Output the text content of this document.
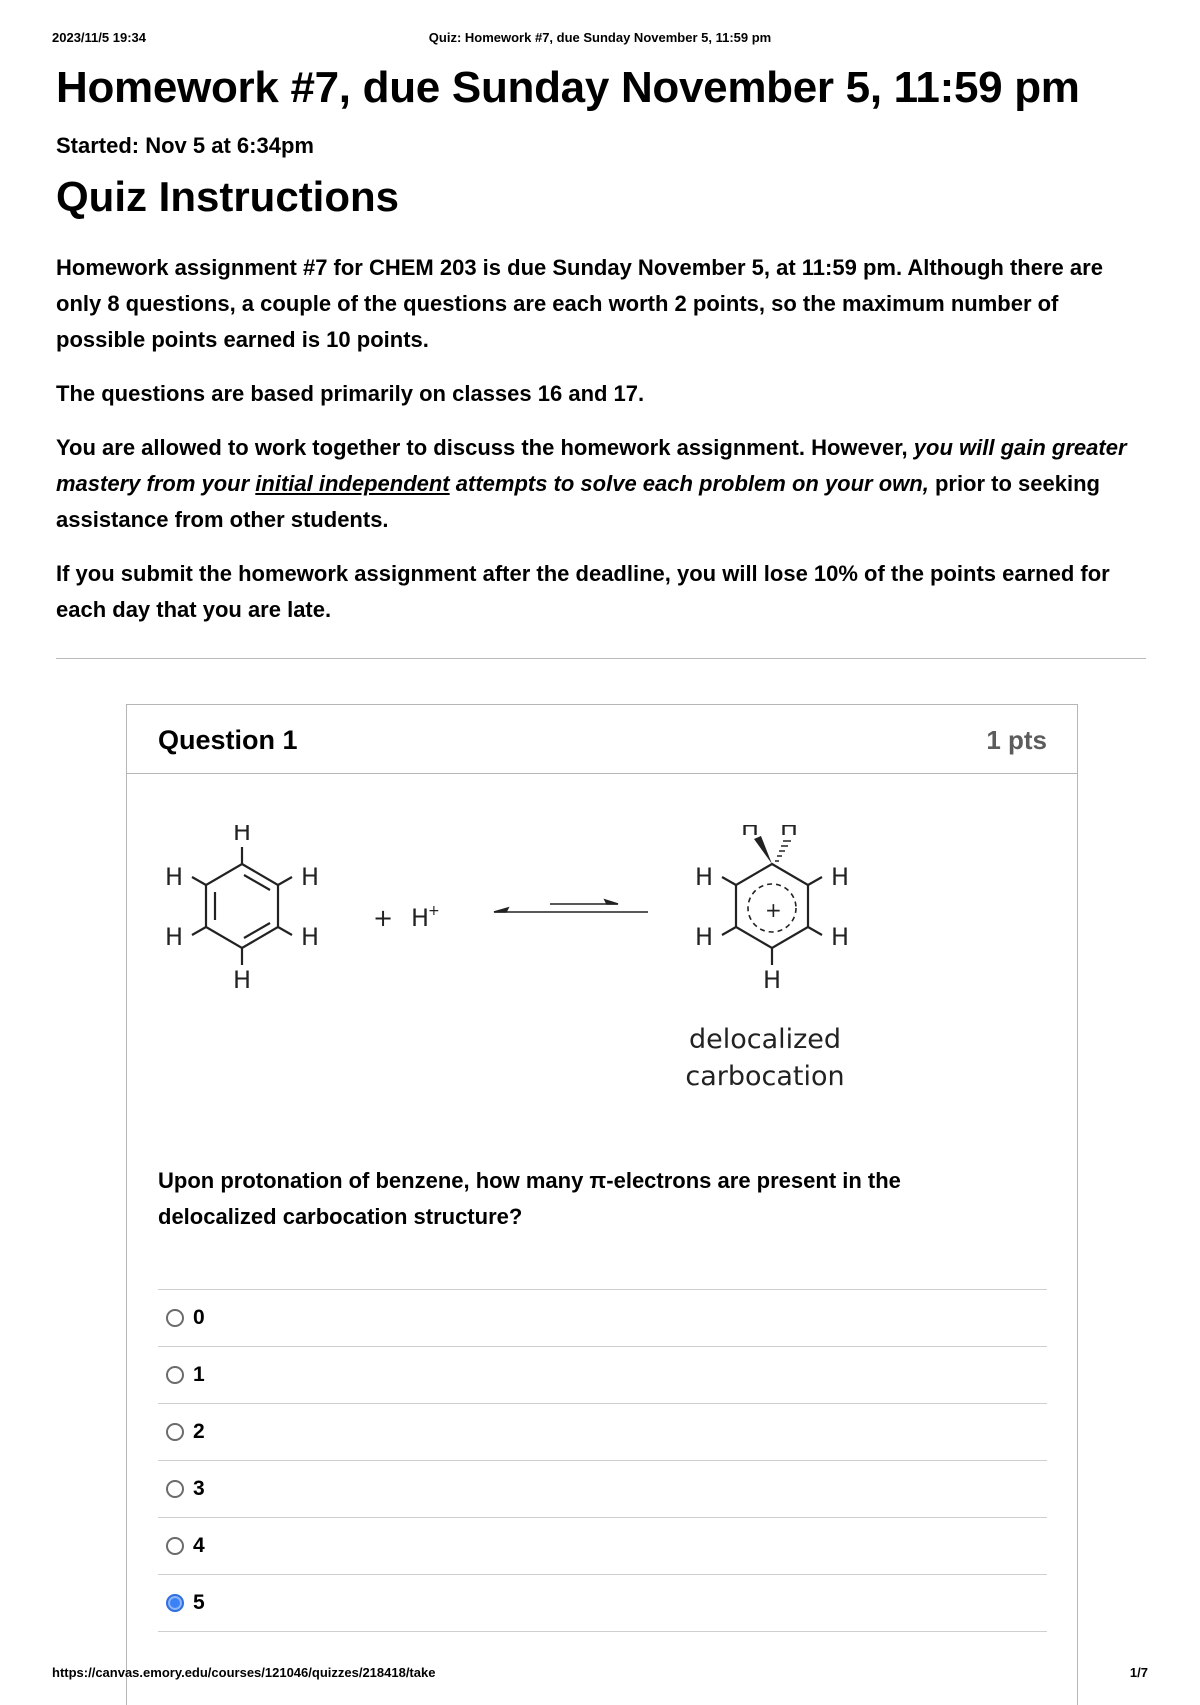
2023/11/5 19:34	Quiz: Homework #7, due Sunday November 5, 11:59 pm
Homework #7, due Sunday November 5, 11:59 pm
Started: Nov 5 at 6:34pm
Quiz Instructions

Homework assignment #7 for CHEM 203 is due Sunday November 5, at 11:59 pm. Although there are only 8 questions, a couple of the questions are each worth 2 points, so the maximum number of possible points earned is 10 points.

The questions are based primarily on classes 16 and 17.

You are allowed to work together to discuss the homework assignment. However, you will gain greater mastery from your initial independent attempts to solve each problem on your own, prior to seeking assistance from other students.

If you submit the homework assignment after the deadline, you will lose 10% of the points earned for each day that you are late.

Question 1	1 pts
H
H
H
H
H
H
+ H
+
H H
H
H
H
H
H
+
delocalized
carbocation
Upon protonation of benzene, how many π-electrons are present in the delocalized carbocation structure?
0
1
2
3
4
5
https://canvas.emory.edu/courses/121046/quizzes/218418/take	1/7
